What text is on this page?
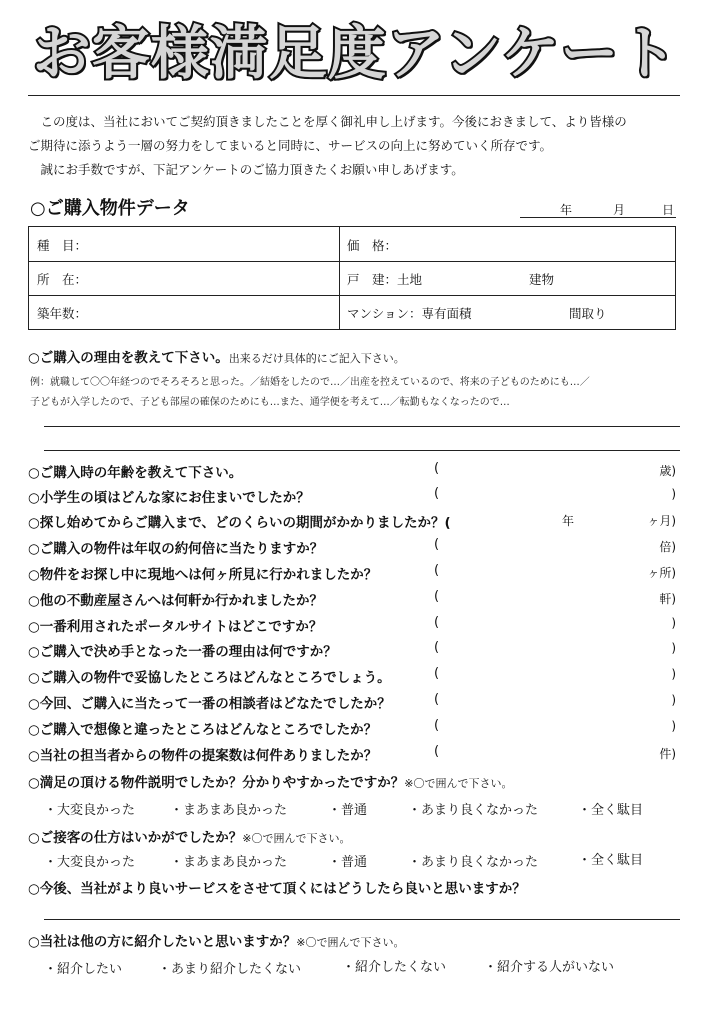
お客様満足度アンケート

　この度は、当社においてご契約頂きましたことを厚く御礼申し上げます。今後におきまして、より皆様の

ご期待に添うよう一層の努力をしてまいると同時に、サービスの向上に努めていく所存です。

　誠にお手数ですが、下記アンケートのご協力頂きたくお願い申しあげます。

○ご購入物件データ	年	月	日
種　目：	価　格：
所　在：	戸　建：土地	建物
築年数：	マンション：専有面積	間取り
○ご購入の理由を教えて下さい。出来るだけ具体的にご記入下さい。
例：就職して〇〇年経つのでそろそろと思った。／結婚をしたので…／出産を控えているので、将来の子どものためにも…／
子どもが入学したので、子ども部屋の確保のためにも…また、通学便を考えて…／転勤もなくなったので…
○ご購入時の年齢を教えて下さい。	(	歳)
○小学生の頃はどんな家にお住まいでしたか？	(	)
○探し始めてからご購入まで、どのくらいの期間がかかりましたか？(	年	ヶ月)
○ご購入の物件は年収の約何倍に当たりますか？	(	倍)
○物件をお探し中に現地へは何ヶ所見に行かれましたか？	(	ヶ所)
○他の不動産屋さんへは何軒か行かれましたか？	(	軒)
○一番利用されたポータルサイトはどこですか？	(	)
○ご購入で決め手となった一番の理由は何ですか？	(	)
○ご購入の物件で妥協したところはどんなところでしょう。	(	)
○今回、ご購入に当たって一番の相談者はどなたでしたか？	(	)
○ご購入で想像と違ったところはどんなところでしたか？	(	)
○当社の担当者からの物件の提案数は何件ありましたか？	(	件)
○満足の頂ける物件説明でしたか？分かりやすかったですか？※〇で囲んで下さい。
・大変良かった	・まあまあ良かった	・普通	・あまり良くなかった	・全く駄目
○ご接客の仕方はいかがでしたか？※〇で囲んで下さい。
・大変良かった	・まあまあ良かった	・普通	・あまり良くなかった	・全く駄目
○今後、当社がより良いサービスをさせて頂くにはどうしたら良いと思いますか？
○当社は他の方に紹介したいと思いますか？※〇で囲んで下さい。
・紹介したい	・あまり紹介したくない	・紹介したくない	・紹介する人がいない
